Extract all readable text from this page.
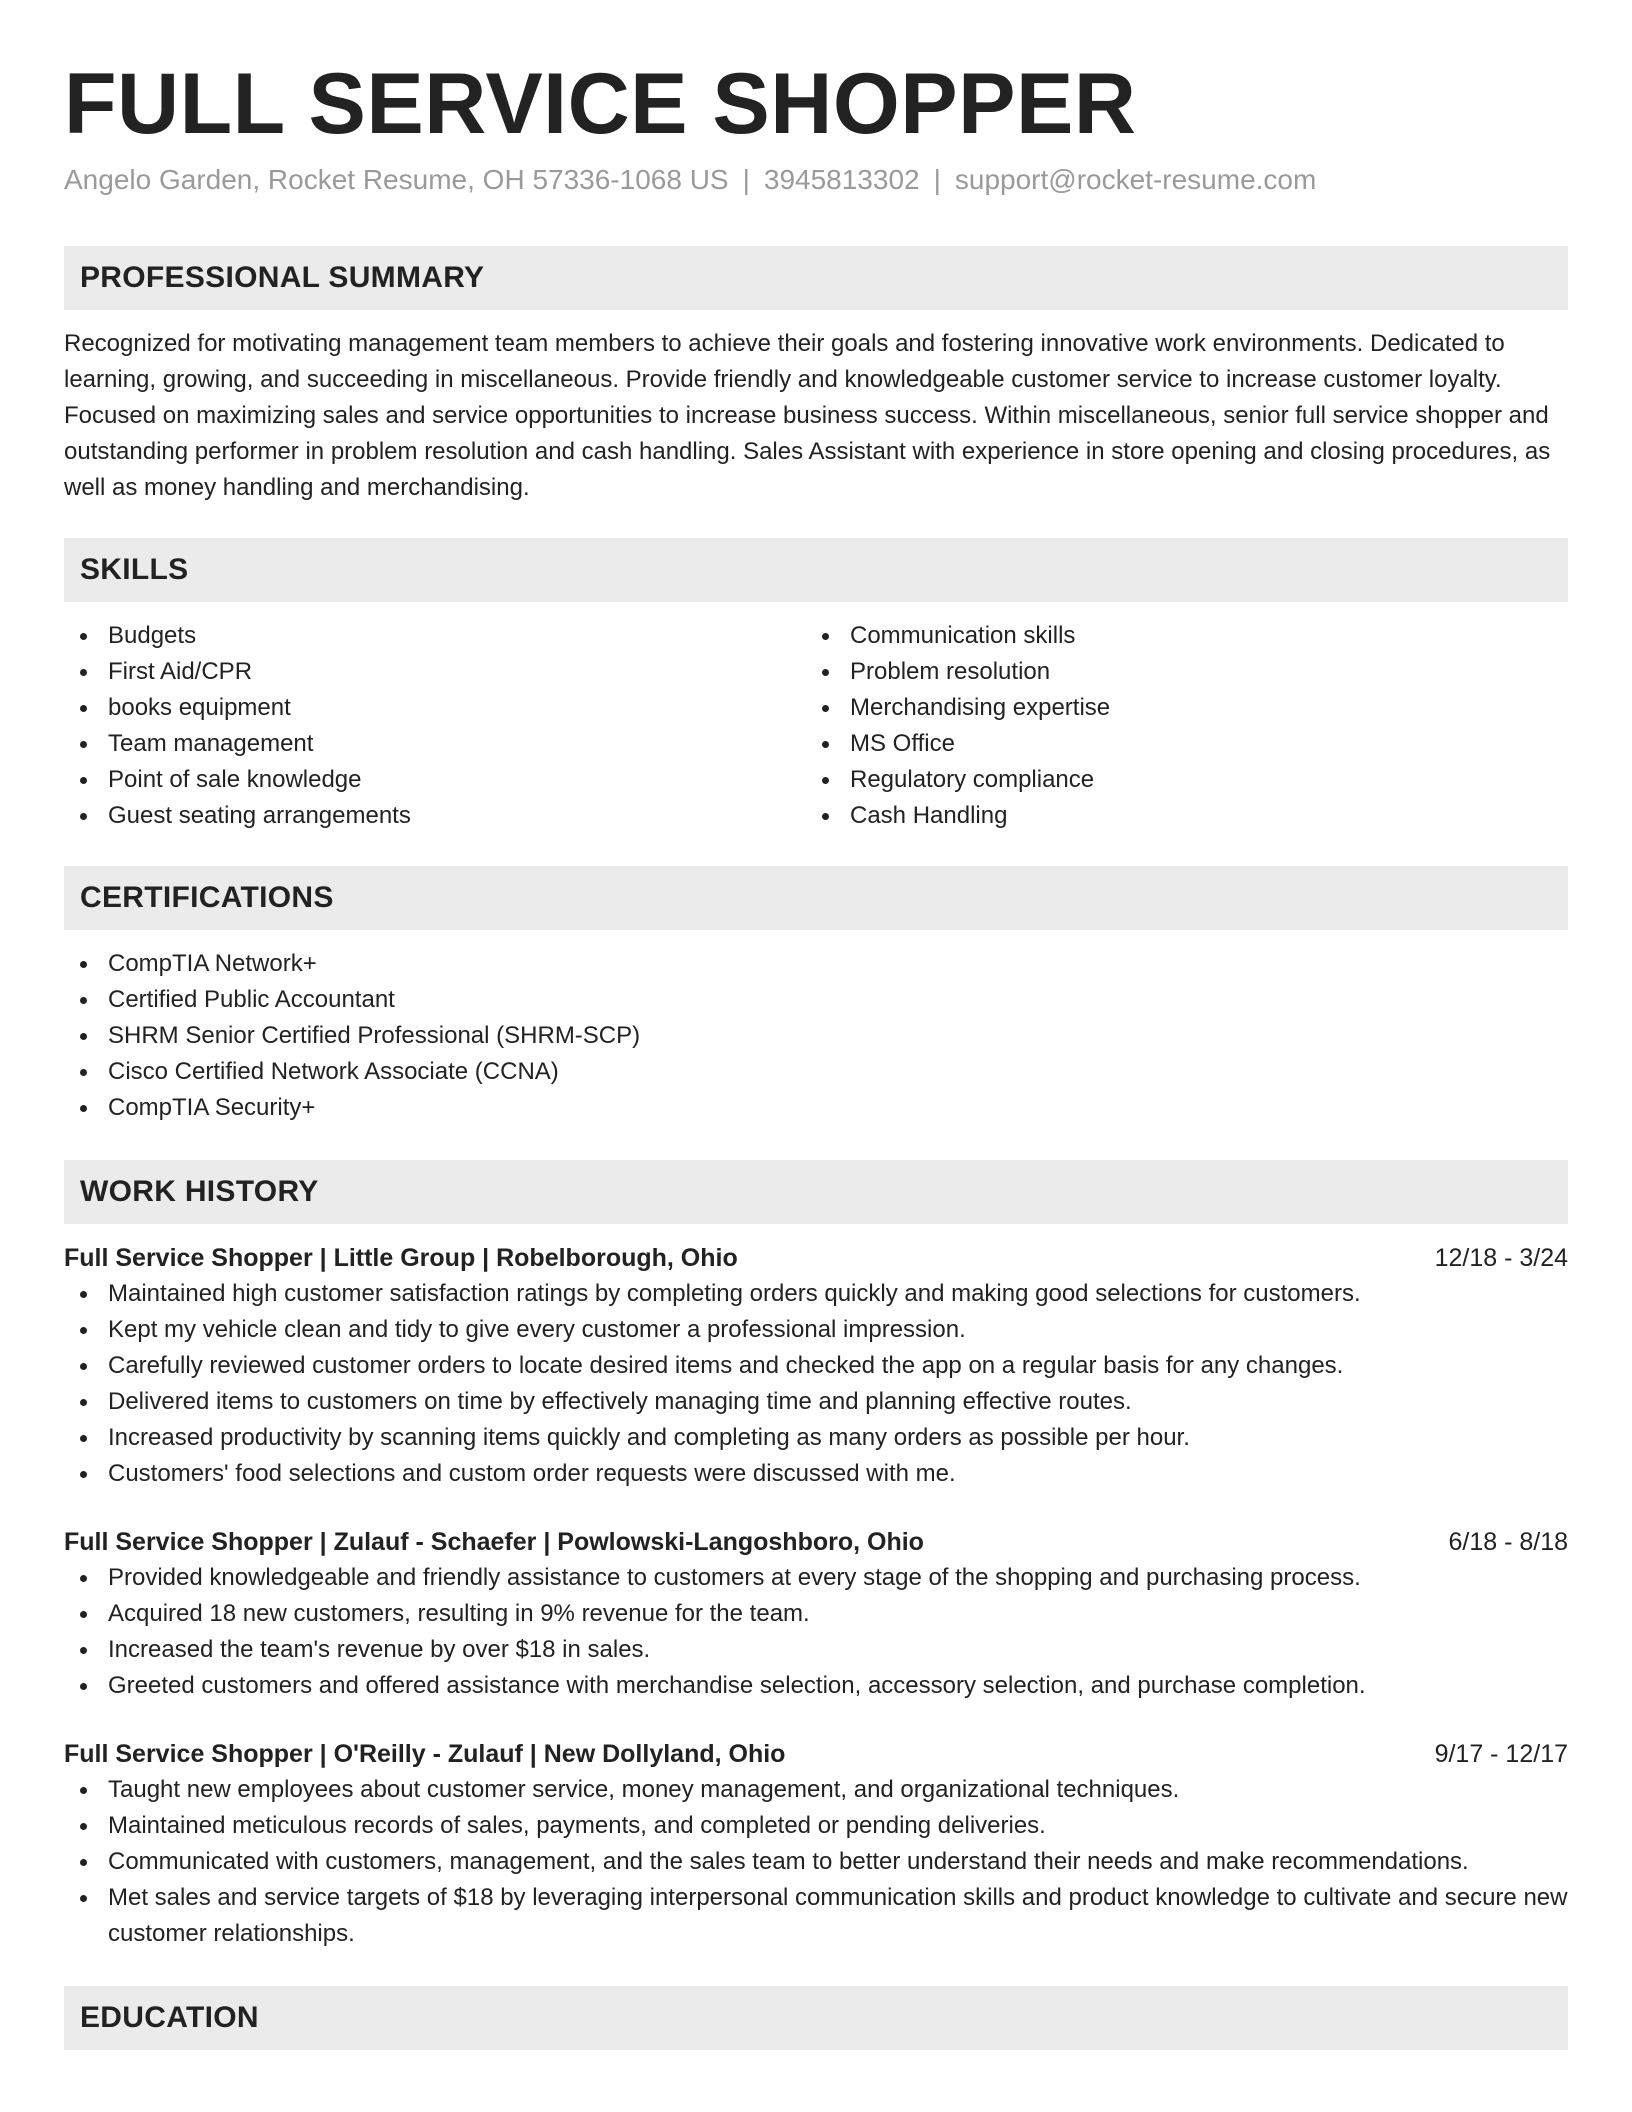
FULL SERVICE SHOPPER
Angelo Garden, Rocket Resume, OH 57336-1068 US | 3945813302 | support@rocket-resume.com
PROFESSIONAL SUMMARY

Recognized for motivating management team members to achieve their goals and fostering innovative work environments. Dedicated to learning, growing, and succeeding in miscellaneous. Provide friendly and knowledgeable customer service to increase customer loyalty. Focused on maximizing sales and service opportunities to increase business success. Within miscellaneous, senior full service shopper and outstanding performer in problem resolution and cash handling. Sales Assistant with experience in store opening and closing procedures, as well as money handling and merchandising.

SKILLS
Budgets
First Aid/CPR
books equipment
Team management
Point of sale knowledge
Guest seating arrangements
Communication skills
Problem resolution
Merchandising expertise
MS Office
Regulatory compliance
Cash Handling
CERTIFICATIONS
CompTIA Network+
Certified Public Accountant
SHRM Senior Certified Professional (SHRM-SCP)
Cisco Certified Network Associate (CCNA)
CompTIA Security+
WORK HISTORY
Full Service Shopper | Little Group | Robelborough, Ohio	12/18 - 3/24
Maintained high customer satisfaction ratings by completing orders quickly and making good selections for customers.
Kept my vehicle clean and tidy to give every customer a professional impression.
Carefully reviewed customer orders to locate desired items and checked the app on a regular basis for any changes.
Delivered items to customers on time by effectively managing time and planning effective routes.
Increased productivity by scanning items quickly and completing as many orders as possible per hour.
Customers' food selections and custom order requests were discussed with me.
Full Service Shopper | Zulauf - Schaefer | Powlowski-Langoshboro, Ohio	6/18 - 8/18
Provided knowledgeable and friendly assistance to customers at every stage of the shopping and purchasing process.
Acquired 18 new customers, resulting in 9% revenue for the team.
Increased the team's revenue by over $18 in sales.
Greeted customers and offered assistance with merchandise selection, accessory selection, and purchase completion.
Full Service Shopper | O'Reilly - Zulauf | New Dollyland, Ohio	9/17 - 12/17
Taught new employees about customer service, money management, and organizational techniques.
Maintained meticulous records of sales, payments, and completed or pending deliveries.
Communicated with customers, management, and the sales team to better understand their needs and make recommendations.
Met sales and service targets of $18 by leveraging interpersonal communication skills and product knowledge to cultivate and secure new customer relationships.
EDUCATION
